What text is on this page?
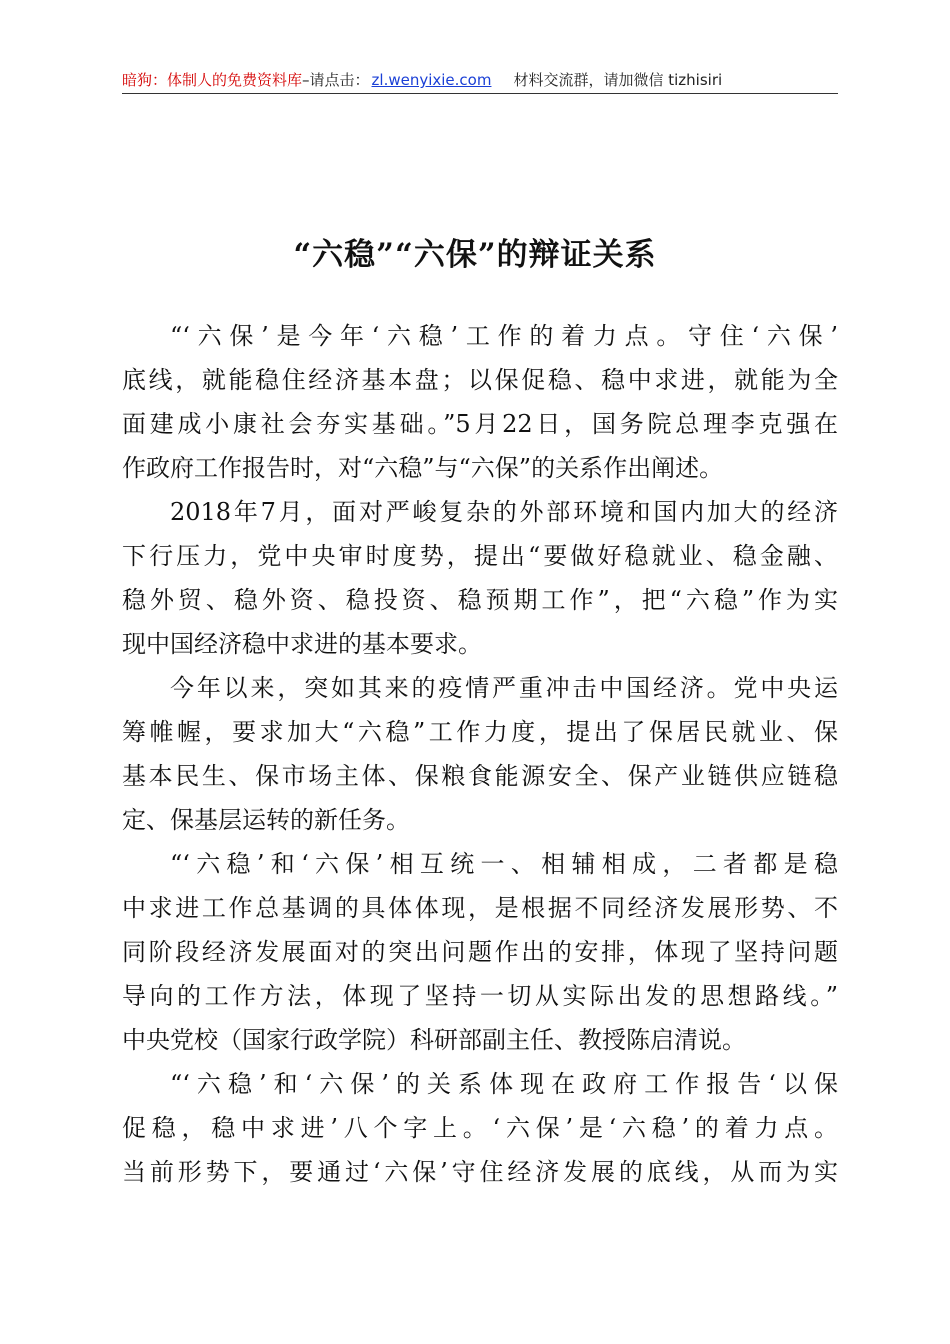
暗狗：体制人的免费资料库–请点击： zl.wenyixie.com 材料交流群，请加微信 tizhisiri
“六稳”“六保”的辩证关系
“‘六保’是今年‘六稳’工作的着力点。守住‘六保’
底线，就能稳住经济基本盘；以保促稳、稳中求进，就能为全
面建成小康社会夯实基础。”5月22日，国务院总理李克强在
作政府工作报告时，对“六稳”与“六保”的关系作出阐述。
2018年7月，面对严峻复杂的外部环境和国内加大的经济
下行压力，党中央审时度势，提出“要做好稳就业、稳金融、
稳外贸、稳外资、稳投资、稳预期工作”，把“六稳”作为实
现中国经济稳中求进的基本要求。
今年以来，突如其来的疫情严重冲击中国经济。党中央运
筹帷幄，要求加大“六稳”工作力度，提出了保居民就业、保
基本民生、保市场主体、保粮食能源安全、保产业链供应链稳
定、保基层运转的新任务。
“‘六稳’和‘六保’相互统一、相辅相成，二者都是稳
中求进工作总基调的具体体现，是根据不同经济发展形势、不
同阶段经济发展面对的突出问题作出的安排，体现了坚持问题
导向的工作方法，体现了坚持一切从实际出发的思想路线。”
中央党校（国家行政学院）科研部副主任、教授陈启清说。
“‘六稳’和‘六保’的关系体现在政府工作报告‘以保
促稳，稳中求进’八个字上。‘六保’是‘六稳’的着力点。
当前形势下，要通过‘六保’守住经济发展的底线，从而为实
